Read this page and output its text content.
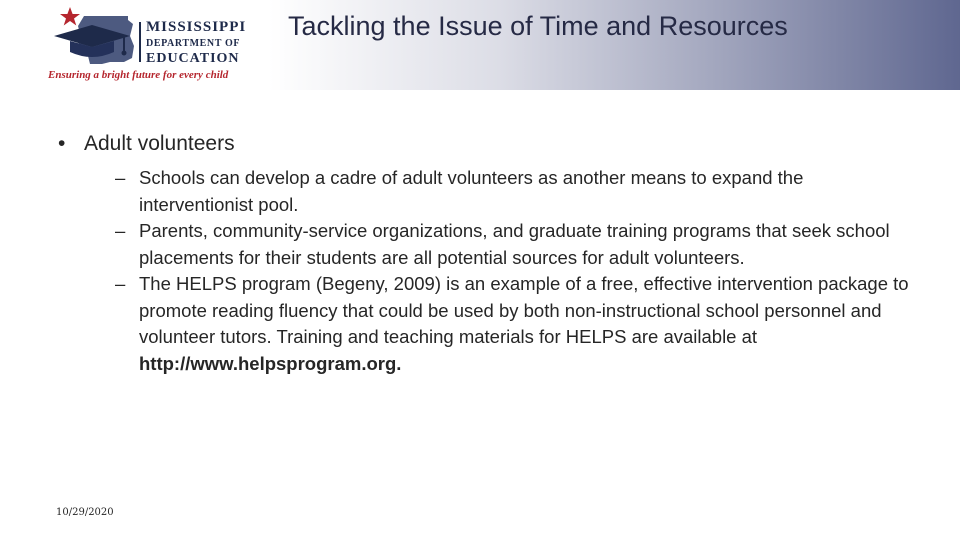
MISSISSIPPI
DEPARTMENT OF
EDUCATION
Ensuring a bright future for every child
Tackling the Issue of Time and Resources
• Adult volunteers
– Schools can develop a cadre of adult volunteers as another means to expand the interventionist pool.
– Parents, community-service organizations, and graduate training programs that seek school placements for their students are all potential sources for adult volunteers.
– The HELPS program (Begeny, 2009) is an example of a free, effective intervention package to promote reading fluency that could be used by both non-instructional school personnel and volunteer tutors. Training and teaching materials for HELPS are available at http://www.helpsprogram.org.
10/29/2020
